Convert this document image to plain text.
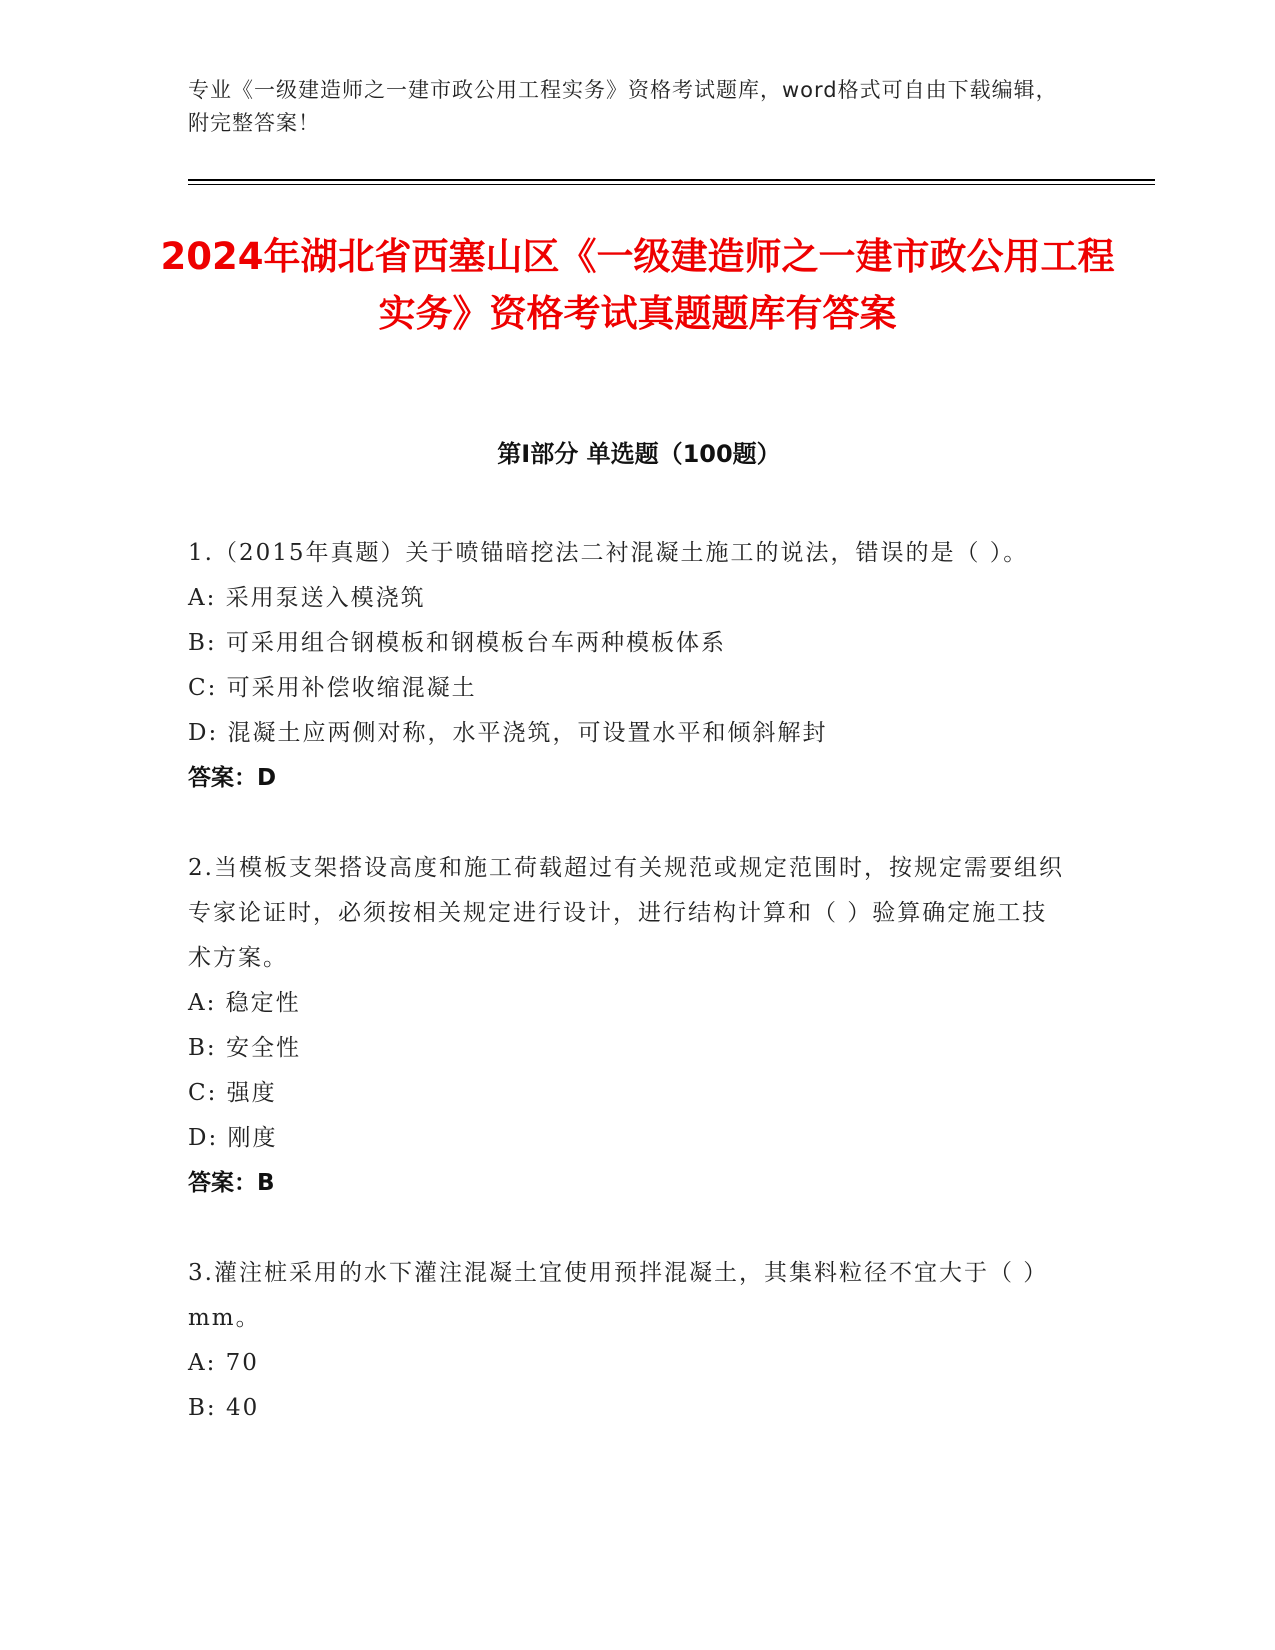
专业《一级建造师之一建市政公用工程实务》资格考试题库，word格式可自由下载编辑，附完整答案！
2024年湖北省西塞山区《一级建造师之一建市政公用工程实务》资格考试真题题库有答案
第Ⅰ部分 单选题（100题）

1.（2015年真题）关于喷锚暗挖法二衬混凝土施工的说法，错误的是（ ）。

A: 采用泵送入模浇筑

B: 可采用组合钢模板和钢模板台车两种模板体系

C: 可采用补偿收缩混凝土

D: 混凝土应两侧对称，水平浇筑，可设置水平和倾斜解封

答案：D

2.当模板支架搭设高度和施工荷载超过有关规范或规定范围时，按规定需要组织专家论证时，必须按相关规定进行设计，进行结构计算和（ ）验算确定施工技术方案。

A: 稳定性

B: 安全性

C: 强度

D: 刚度

答案：B

3.灌注桩采用的水下灌注混凝土宜使用预拌混凝土，其集料粒径不宜大于（ ）mm。

A: 70

B: 40
